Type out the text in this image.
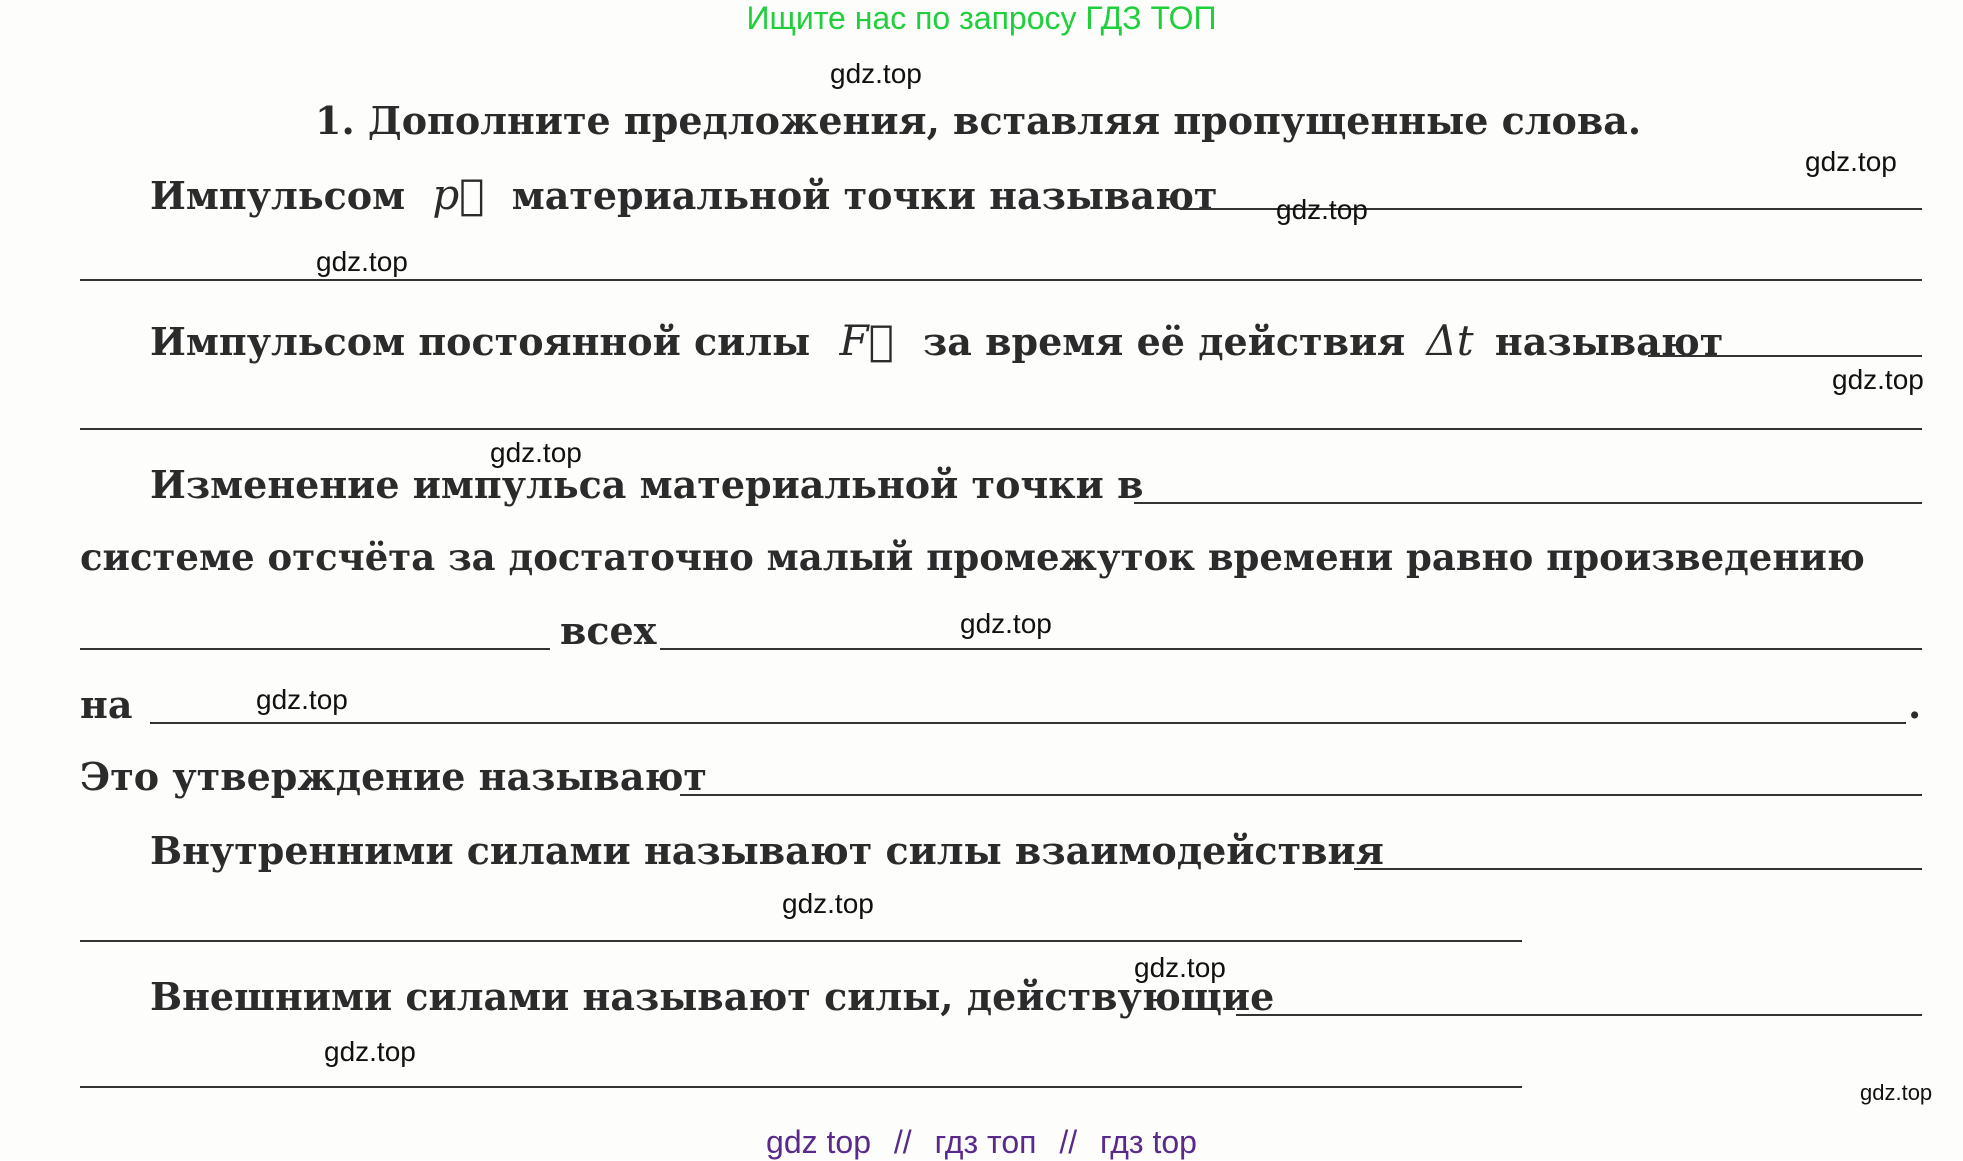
Ищите нас по запросу ГДЗ ТОП
1. Дополните предложения, вставляя пропущенные слова.
Импульсом p⃗ материальной точки называют
Импульсом постоянной силы F⃗ за время её действия Δt называют
Изменение импульса материальной точки в
системе отсчёта за достаточно малый промежуток времени равно произведению
всех
на	.
Это утверждение называют
Внутренними силами называют силы взаимодействия
Внешними силами называют силы, действующие
gdz.top
gdz.top
gdz.top
gdz.top
gdz.top
gdz.top
gdz.top
gdz.top
gdz.top
gdz.top
gdz.top
gdz.top
gdz top // гдз топ // гдз top
